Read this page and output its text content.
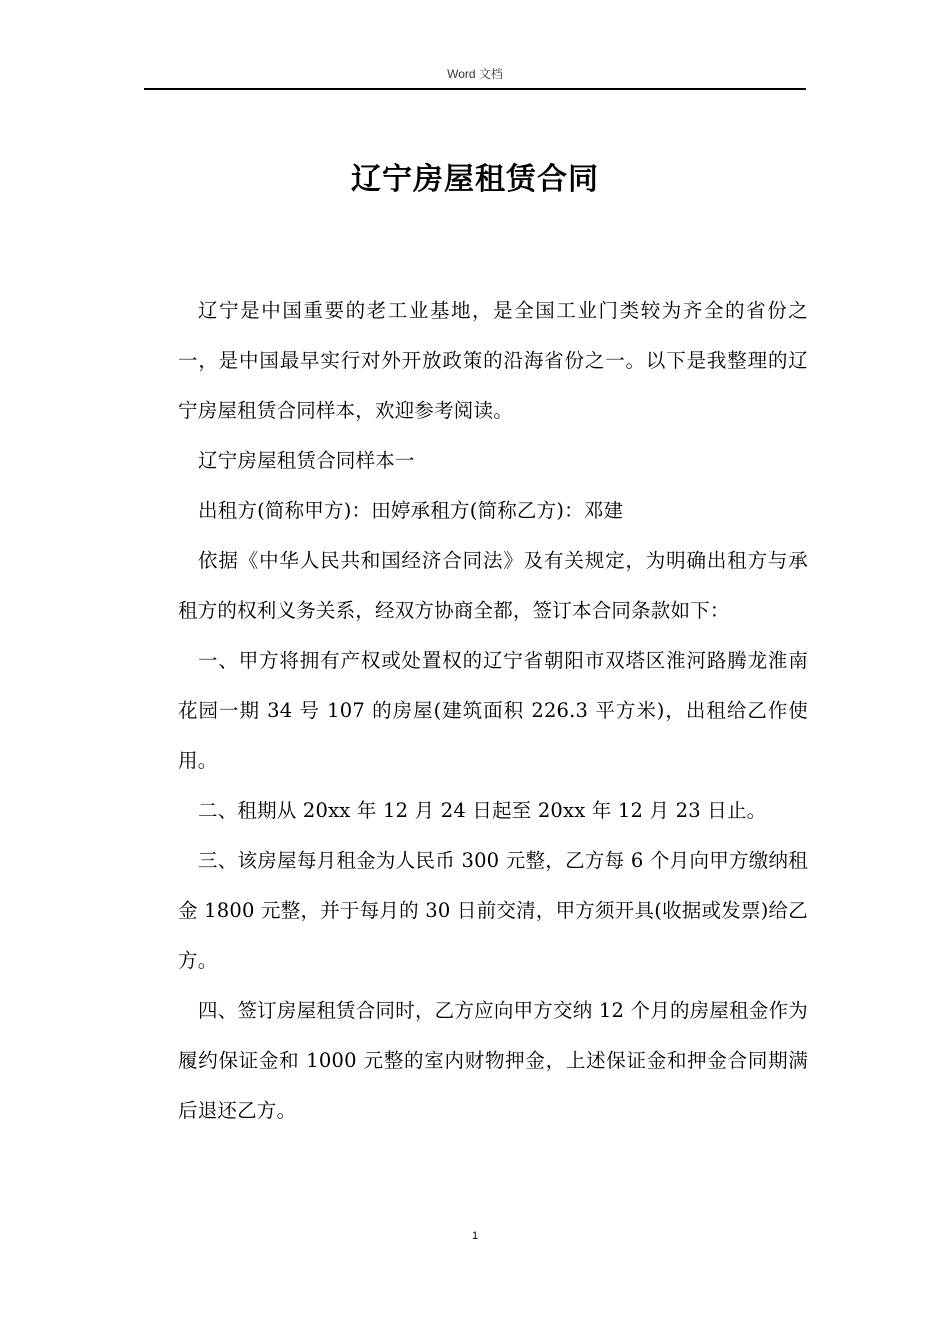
Word 文档
辽宁房屋租赁合同

辽宁是中国重要的老工业基地，是全国工业门类较为齐全的省份之一，是中国最早实行对外开放政策的沿海省份之一。以下是我整理的辽宁房屋租赁合同样本，欢迎参考阅读。

辽宁房屋租赁合同样本一

出租方(简称甲方)：田婷承租方(简称乙方)：邓建

依据《中华人民共和国经济合同法》及有关规定，为明确出租方与承租方的权利义务关系，经双方协商全都，签订本合同条款如下：

一、甲方将拥有产权或处置权的辽宁省朝阳市双塔区淮河路腾龙淮南花园一期 34 号 107 的房屋(建筑面积 226.3 平方米)，出租给乙作使用。

二、租期从 20xx 年 12 月 24 日起至 20xx 年 12 月 23 日止。

三、该房屋每月租金为人民币 300 元整，乙方每 6 个月向甲方缴纳租金 1800 元整，并于每月的 30 日前交清，甲方须开具(收据或发票)给乙方。

四、签订房屋租赁合同时，乙方应向甲方交纳 12 个月的房屋租金作为履约保证金和 1000 元整的室内财物押金，上述保证金和押金合同期满后退还乙方。

1
